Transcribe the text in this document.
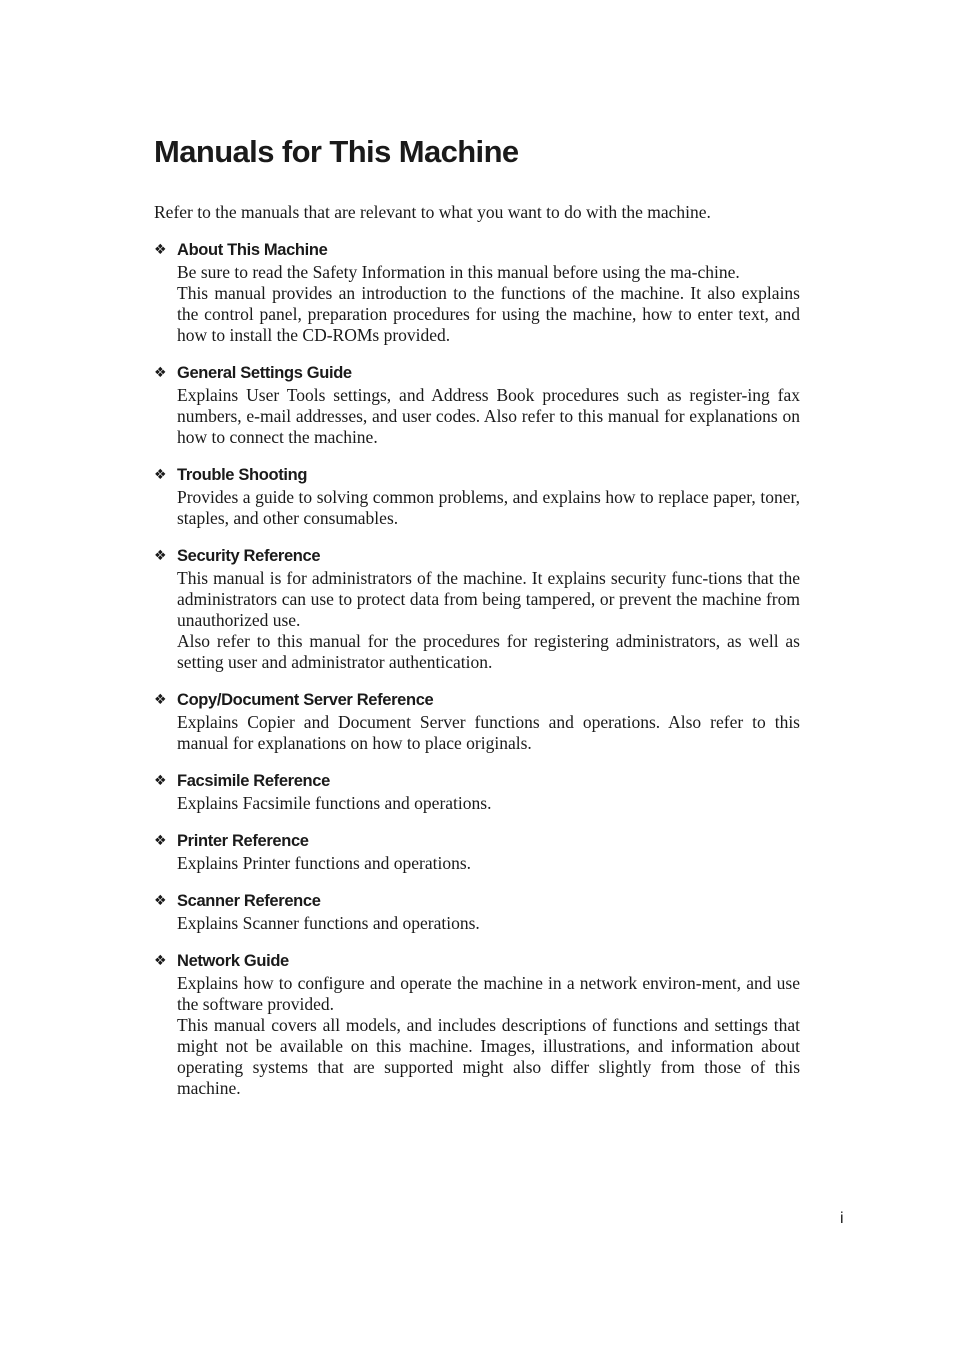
Manuals for This Machine

Refer to the manuals that are relevant to what you want to do with the machine.

❖ About This Machine

Be sure to read the Safety Information in this manual before using the ma-chine.

This manual provides an introduction to the functions of the machine. It also explains the control panel, preparation procedures for using the machine, how to enter text, and how to install the CD-ROMs provided.

❖ General Settings Guide

Explains User Tools settings, and Address Book procedures such as register-ing fax numbers, e-mail addresses, and user codes. Also refer to this manual for explanations on how to connect the machine.

❖ Trouble Shooting

Provides a guide to solving common problems, and explains how to replace paper, toner, staples, and other consumables.

❖ Security Reference

This manual is for administrators of the machine. It explains security func-tions that the administrators can use to protect data from being tampered, or prevent the machine from unauthorized use.

Also refer to this manual for the procedures for registering administrators, as well as setting user and administrator authentication.

❖ Copy/Document Server Reference

Explains Copier and Document Server functions and operations. Also refer to this manual for explanations on how to place originals.

❖ Facsimile Reference

Explains Facsimile functions and operations.

❖ Printer Reference

Explains Printer functions and operations.

❖ Scanner Reference

Explains Scanner functions and operations.

❖ Network Guide

Explains how to configure and operate the machine in a network environ-ment, and use the software provided.

This manual covers all models, and includes descriptions of functions and settings that might not be available on this machine. Images, illustrations, and information about operating systems that are supported might also differ slightly from those of this machine.

i
